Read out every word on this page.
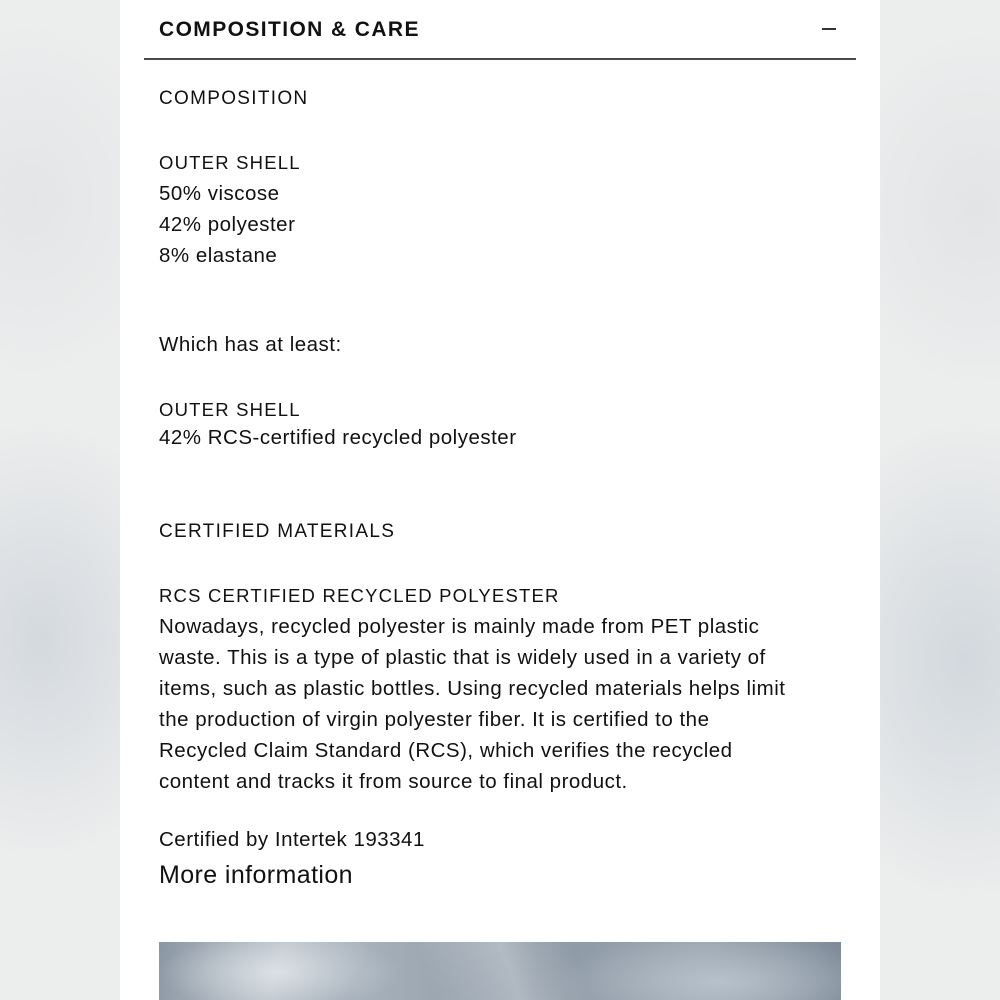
COMPOSITION & CARE
COMPOSITION
OUTER SHELL
50% viscose
42% polyester
8% elastane
Which has at least:
OUTER SHELL
42% RCS-certified recycled polyester
CERTIFIED MATERIALS
RCS CERTIFIED RECYCLED POLYESTER
Nowadays, recycled polyester is mainly made from PET plastic
waste. This is a type of plastic that is widely used in a variety of
items, such as plastic bottles. Using recycled materials helps limit
the production of virgin polyester fiber. It is certified to the
Recycled Claim Standard (RCS), which verifies the recycled
content and tracks it from source to final product.
Certified by Intertek 193341
More information
